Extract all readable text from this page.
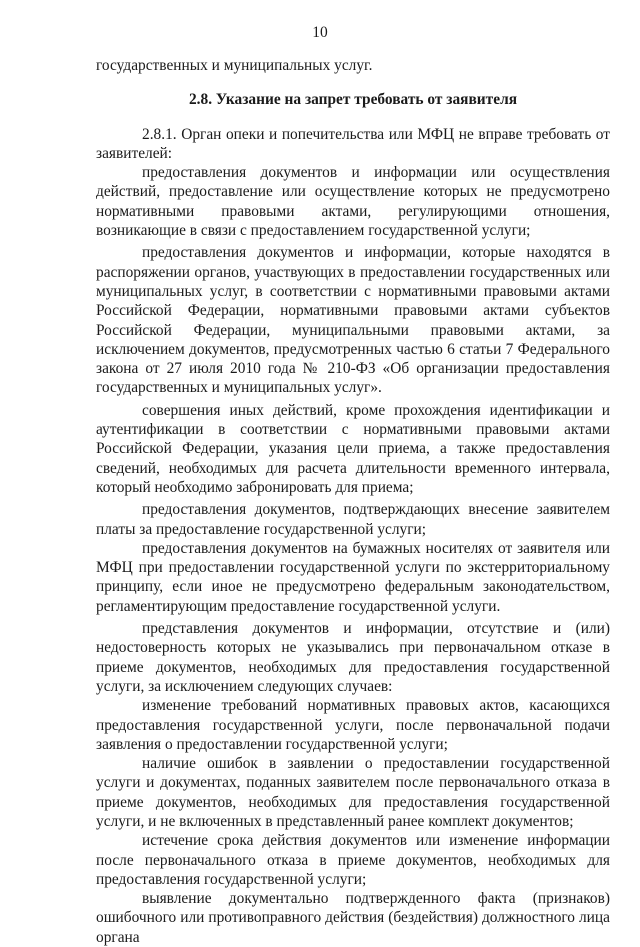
10

государственных и муниципальных услуг.

2.8. Указание на запрет требовать от заявителя

2.8.1. Орган опеки и попечительства или МФЦ не вправе требовать от заявителей:

предоставления документов и информации или осуществления действий, предоставление или осуществление которых не предусмотрено нормативными правовыми актами, регулирующими отношения, возникающие в связи с предоставлением государственной услуги;

предоставления документов и информации, которые находятся в распоряжении органов, участвующих в предоставлении государственных или муниципальных услуг, в соответствии с нормативными правовыми актами Российской Федерации, нормативными правовыми актами субъектов Российской Федерации, муниципальными правовыми актами, за исключением документов, предусмотренных частью 6 статьи 7 Федерального закона от 27 июля 2010 года № 210-ФЗ «Об организации предоставления государственных и муниципальных услуг».

совершения иных действий, кроме прохождения идентификации и аутентификации в соответствии с нормативными правовыми актами Российской Федерации, указания цели приема, а также предоставления сведений, необходимых для расчета длительности временного интервала, который необходимо забронировать для приема;

предоставления документов, подтверждающих внесение заявителем платы за предоставление государственной услуги;

предоставления документов на бумажных носителях от заявителя или МФЦ при предоставлении государственной услуги по экстерриториальному принципу, если иное не предусмотрено федеральным законодательством, регламентирующим предоставление государственной услуги.

представления документов и информации, отсутствие и (или) недостоверность которых не указывались при первоначальном отказе в приеме документов, необходимых для предоставления государственной услуги, за исключением следующих случаев:

изменение требований нормативных правовых актов, касающихся предоставления государственной услуги, после первоначальной подачи заявления о предоставлении государственной услуги;

наличие ошибок в заявлении о предоставлении государственной услуги и документах, поданных заявителем после первоначального отказа в приеме документов, необходимых для предоставления государственной услуги, и не включенных в представленный ранее комплект документов;

истечение срока действия документов или изменение информации после первоначального отказа в приеме документов, необходимых для предоставления государственной услуги;

выявление документально подтвержденного факта (признаков) ошибочного или противоправного действия (бездействия) должностного лица органа
